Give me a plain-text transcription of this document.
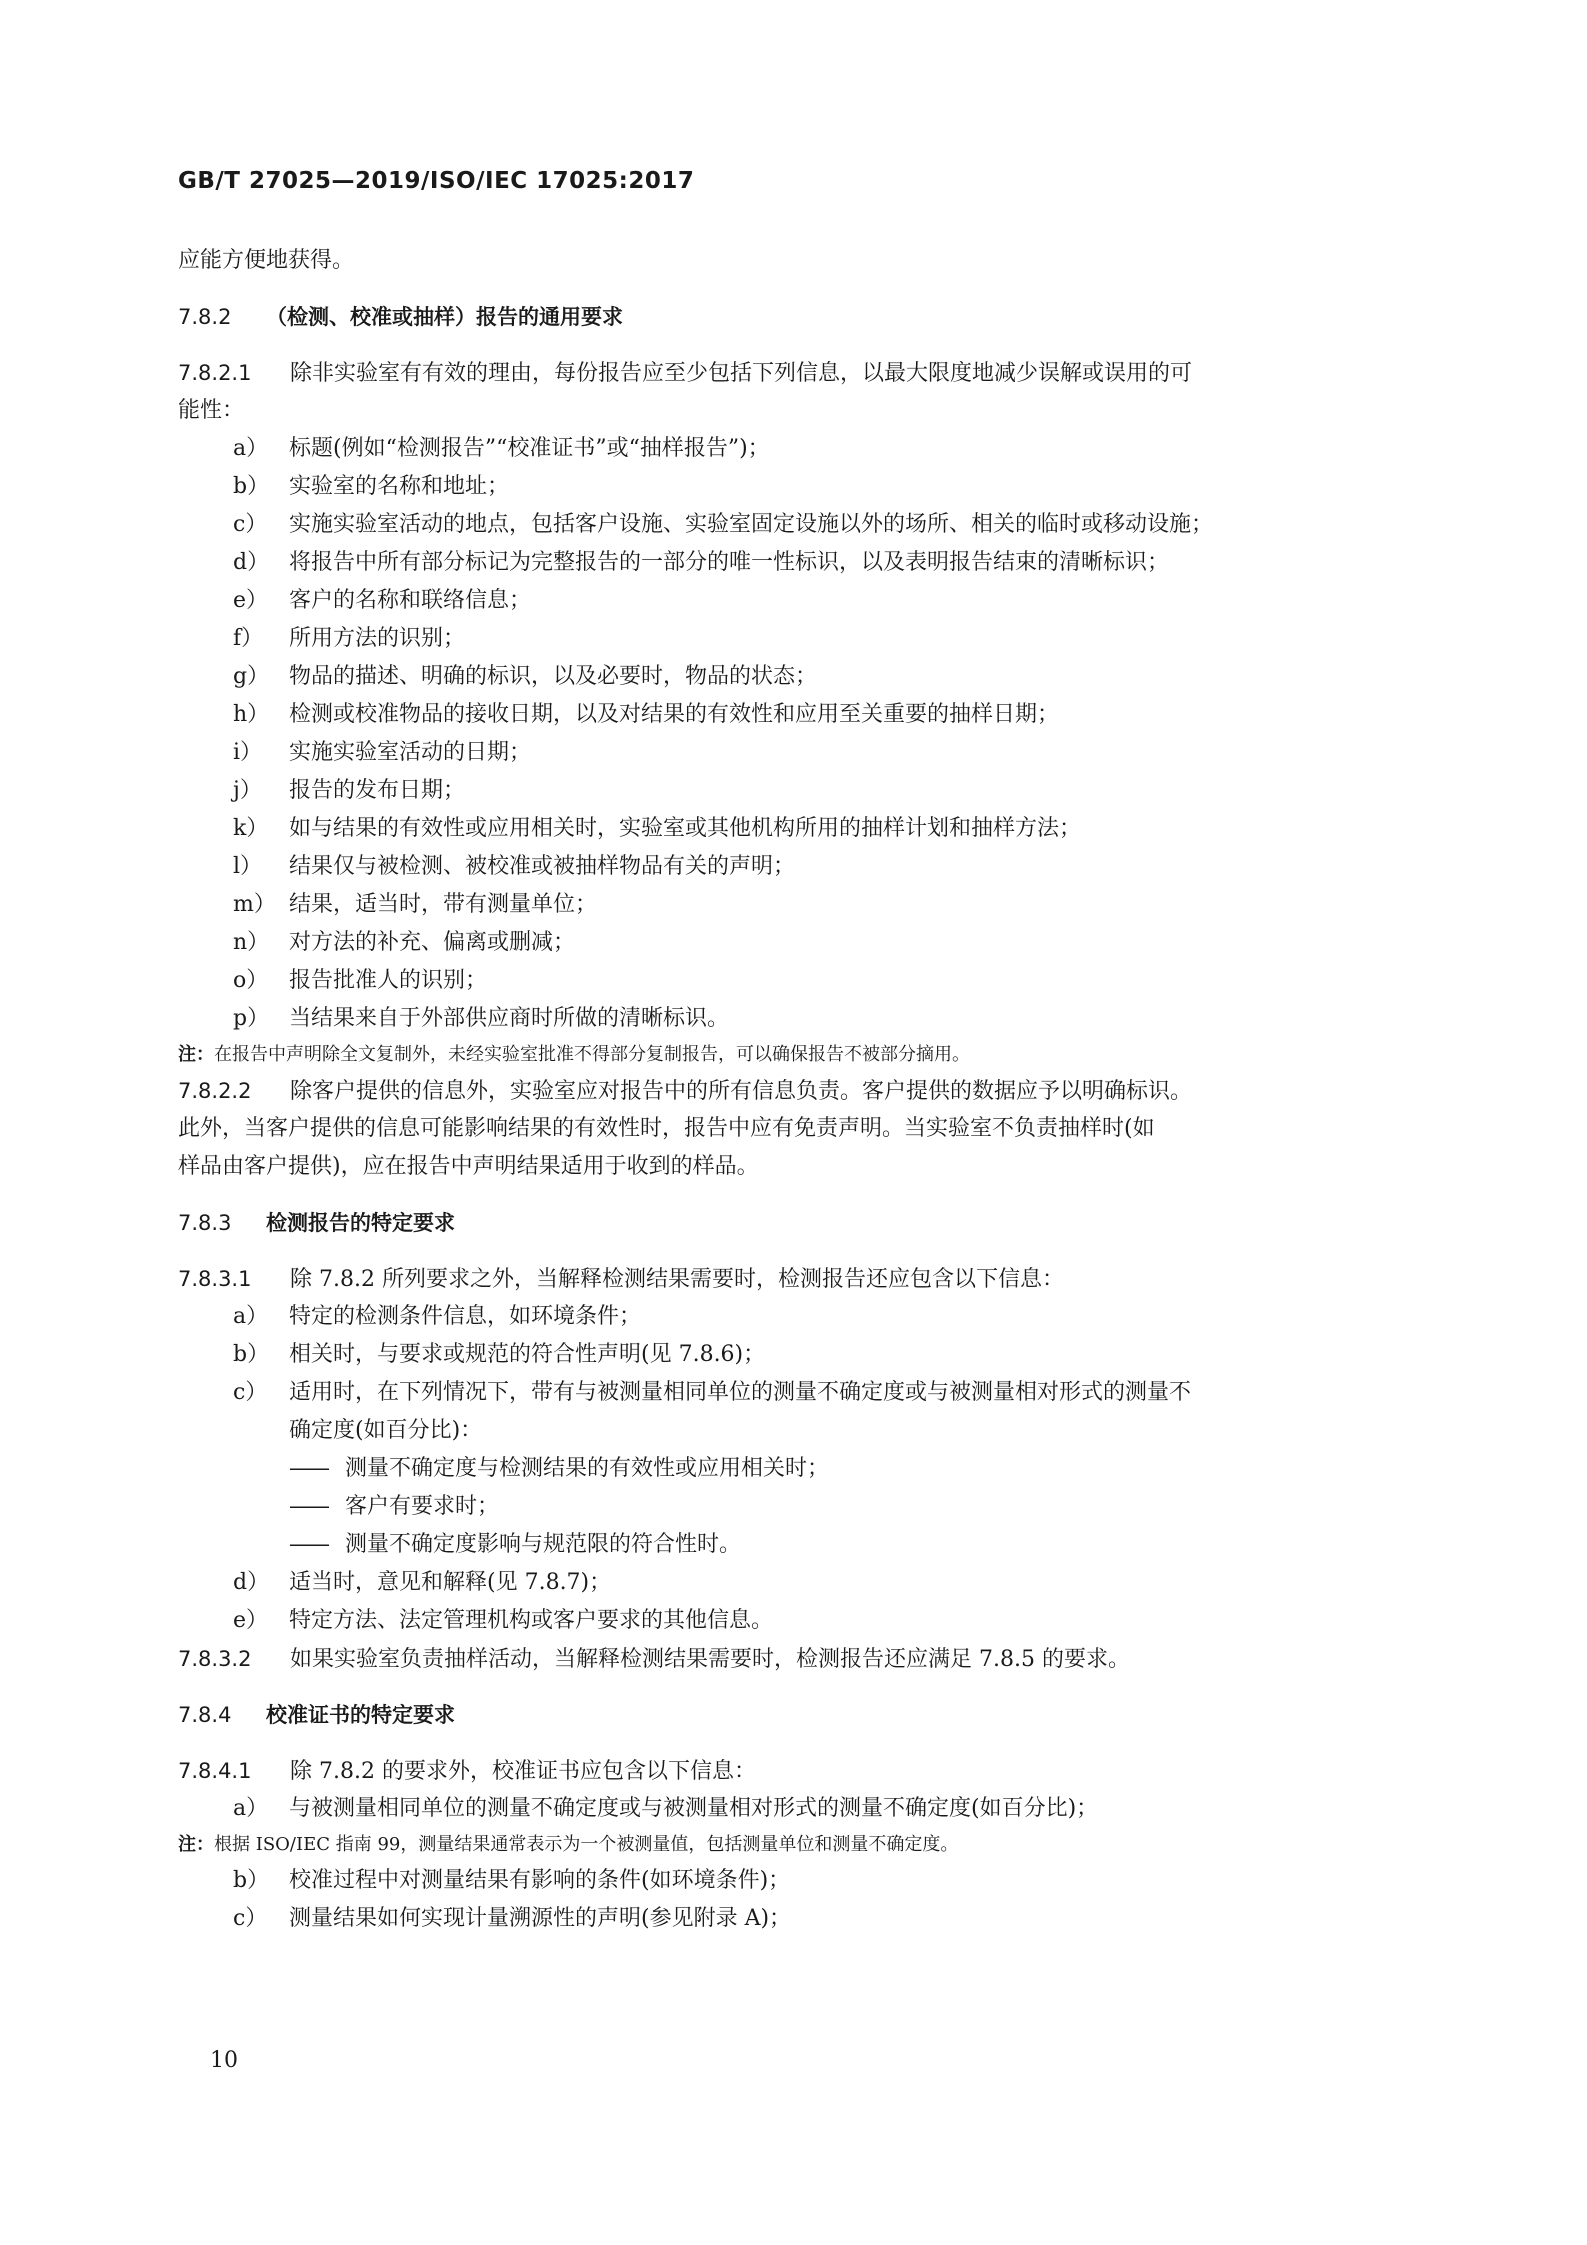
GB/T 27025—2019/ISO/IEC 17025:2017
应能方便地获得。
7.8.2 （检测、校准或抽样）报告的通用要求
7.8.2.1 除非实验室有有效的理由，每份报告应至少包括下列信息，以最大限度地减少误解或误用的可
能性：
a） 标题(例如“检测报告”“校准证书”或“抽样报告”)；
b） 实验室的名称和地址；
c） 实施实验室活动的地点，包括客户设施、实验室固定设施以外的场所、相关的临时或移动设施；
d） 将报告中所有部分标记为完整报告的一部分的唯一性标识，以及表明报告结束的清晰标识；
e） 客户的名称和联络信息；
f） 所用方法的识别；
g） 物品的描述、明确的标识，以及必要时，物品的状态；
h） 检测或校准物品的接收日期，以及对结果的有效性和应用至关重要的抽样日期；
i） 实施实验室活动的日期；
j） 报告的发布日期；
k） 如与结果的有效性或应用相关时，实验室或其他机构所用的抽样计划和抽样方法；
l） 结果仅与被检测、被校准或被抽样物品有关的声明；
m） 结果，适当时，带有测量单位；
n） 对方法的补充、偏离或删减；
o） 报告批准人的识别；
p） 当结果来自于外部供应商时所做的清晰标识。
注：在报告中声明除全文复制外，未经实验室批准不得部分复制报告，可以确保报告不被部分摘用。
7.8.2.2 除客户提供的信息外，实验室应对报告中的所有信息负责。客户提供的数据应予以明确标识。
此外，当客户提供的信息可能影响结果的有效性时，报告中应有免责声明。当实验室不负责抽样时(如
样品由客户提供)，应在报告中声明结果适用于收到的样品。
7.8.3 检测报告的特定要求
7.8.3.1 除 7.8.2 所列要求之外，当解释检测结果需要时，检测报告还应包含以下信息：
a） 特定的检测条件信息，如环境条件；
b） 相关时，与要求或规范的符合性声明(见 7.8.6)；
c） 适用时，在下列情况下，带有与被测量相同单位的测量不确定度或与被测量相对形式的测量不
确定度(如百分比)：
—— 测量不确定度与检测结果的有效性或应用相关时；
—— 客户有要求时；
—— 测量不确定度影响与规范限的符合性时。
d） 适当时，意见和解释(见 7.8.7)；
e） 特定方法、法定管理机构或客户要求的其他信息。
7.8.3.2 如果实验室负责抽样活动，当解释检测结果需要时，检测报告还应满足 7.8.5 的要求。
7.8.4 校准证书的特定要求
7.8.4.1 除 7.8.2 的要求外，校准证书应包含以下信息：
a） 与被测量相同单位的测量不确定度或与被测量相对形式的测量不确定度(如百分比)；
注：根据 ISO/IEC 指南 99，测量结果通常表示为一个被测量值，包括测量单位和测量不确定度。
b） 校准过程中对测量结果有影响的条件(如环境条件)；
c） 测量结果如何实现计量溯源性的声明(参见附录 A)；
10
